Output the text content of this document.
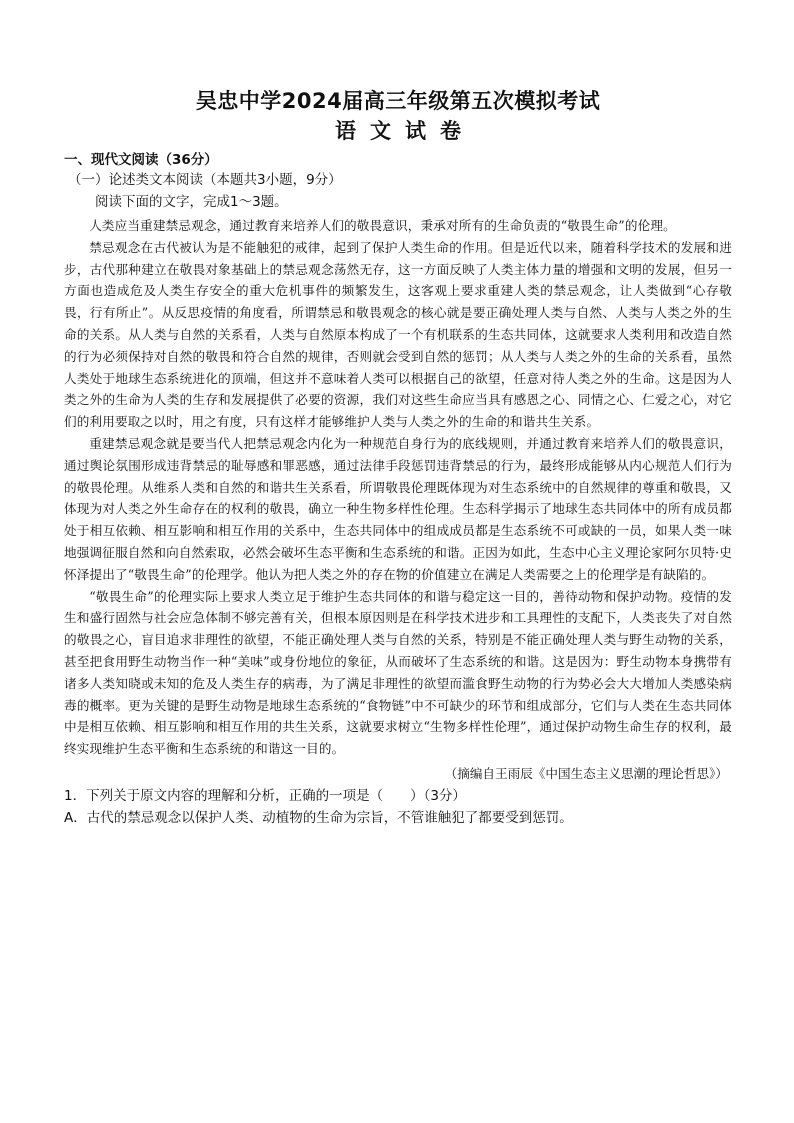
吴忠中学2024届高三年级第五次模拟考试
语文试卷

一、现代文阅读（36分）

（一）论述类文本阅读（本题共3小题，9分）

阅读下面的文字，完成1～3题。

人类应当重建禁忌观念，通过教育来培养人们的敬畏意识，秉承对所有的生命负责的“敬畏生命”的伦理。

禁忌观念在古代被认为是不能触犯的戒律，起到了保护人类生命的作用。但是近代以来，随着科学技术的发展和进步，古代那种建立在敬畏对象基础上的禁忌观念荡然无存，这一方面反映了人类主体力量的增强和文明的发展，但另一方面也造成危及人类生存安全的重大危机事件的频繁发生，这客观上要求重建人类的禁忌观念，让人类做到“心存敬畏，行有所止”。从反思疫情的角度看，所谓禁忌和敬畏观念的核心就是要正确处理人类与自然、人类与人类之外的生命的关系。从人类与自然的关系看，人类与自然原本构成了一个有机联系的生态共同体，这就要求人类利用和改造自然的行为必须保持对自然的敬畏和符合自然的规律，否则就会受到自然的惩罚；从人类与人类之外的生命的关系看，虽然人类处于地球生态系统进化的顶端，但这并不意味着人类可以根据自己的欲望，任意对待人类之外的生命。这是因为人类之外的生命为人类的生存和发展提供了必要的资源，我们对这些生命应当具有感恩之心、同情之心、仁爱之心，对它们的利用要取之以时，用之有度，只有这样才能够维护人类与人类之外的生命的和谐共生关系。

重建禁忌观念就是要当代人把禁忌观念内化为一种规范自身行为的底线规则，并通过教育来培养人们的敬畏意识，通过舆论氛围形成违背禁忌的耻辱感和罪恶感，通过法律手段惩罚违背禁忌的行为，最终形成能够从内心规范人们行为的敬畏伦理。从维系人类和自然的和谐共生关系看，所谓敬畏伦理既体现为对生态系统中的自然规律的尊重和敬畏，又体现为对人类之外生命存在的权利的敬畏，确立一种生物多样性伦理。生态科学揭示了地球生态共同体中的所有成员都处于相互依赖、相互影响和相互作用的关系中，生态共同体中的组成成员都是生态系统不可或缺的一员，如果人类一味地强调征服自然和向自然索取，必然会破坏生态平衡和生态系统的和谐。正因为如此，生态中心主义理论家阿尔贝特·史怀泽提出了“敬畏生命”的伦理学。他认为把人类之外的存在物的价值建立在满足人类需要之上的伦理学是有缺陷的。

“敬畏生命”的伦理实际上要求人类立足于维护生态共同体的和谐与稳定这一目的，善待动物和保护动物。疫情的发生和盛行固然与社会应急体制不够完善有关，但根本原因则是在科学技术进步和工具理性的支配下，人类丧失了对自然的敬畏之心，盲目追求非理性的欲望，不能正确处理人类与自然的关系，特别是不能正确处理人类与野生动物的关系，甚至把食用野生动物当作一种“美味”或身份地位的象征，从而破坏了生态系统的和谐。这是因为：野生动物本身携带有诸多人类知晓或未知的危及人类生存的病毒，为了满足非理性的欲望而滥食野生动物的行为势必会大大增加人类感染病毒的概率。更为关键的是野生动物是地球生态系统的“食物链”中不可缺少的环节和组成部分，它们与人类在生态共同体中是相互依赖、相互影响和相互作用的共生关系，这就要求树立“生物多样性伦理”，通过保护动物生命生存的权利，最终实现维护生态平衡和生态系统的和谐这一目的。

（摘编自王雨辰《中国生态主义思潮的理论哲思》）

1．下列关于原文内容的理解和分析，正确的一项是（　　）（3分）

A．古代的禁忌观念以保护人类、动植物的生命为宗旨，不管谁触犯了都要受到惩罚。
